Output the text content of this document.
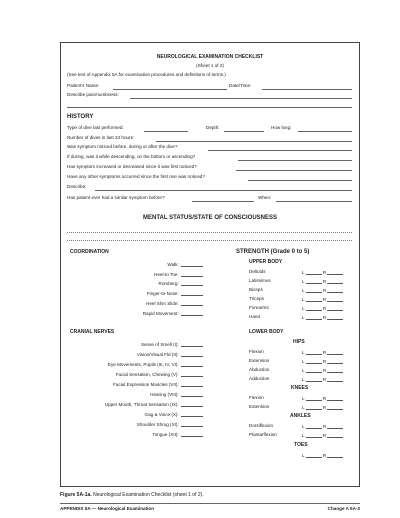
NEUROLOGICAL EXAMINATION CHECKLIST
(Sheet 1 of 2)
(See text of Appendix 5A for examination procedures and definitions of terms.)
Patient's Name:	Date/Time:
Describe pain/numbness:
HISTORY
Type of dive last performed:	Depth:	How long:
Number of dives in last 24 hours:
Was symptom noticed before, during or after the dive?
If during, was it while descending, on the bottom or ascending?
Has symptom increased or decreased since it was first noticed?
Have any other symptoms occurred since the first one was noticed?
Describe:
Has patient ever had a similar symptom before?	When:
MENTAL STATUS/STATE OF CONSCIOUSNESS
COORDINATION
Walk:
Heel-to Toe:
Romberg:
Finger-to-Nose:
Heel Shin Slide:
Rapid Movement:
CRANIAL NERVES
Sense of Smell (I):
Vision/Visual Fld (II):
Eye Movements, Pupils (III, IV, VI):
Facial Sensation, Chewing (V):
Facial Expression Muscles (VII):
Hearing (VIII):
Upper Mouth, Throat Sensation (IX):
Gag & Voice (X):
Shoulder Shrug (XI):
Tongue (XII):
STRENGTH (Grade 0 to 5)
UPPER BODY
Deltoids	L	R
Latissimus	L	R
Biceps	L	R
Triceps	L	R
Forearms	L	R
Hand	L	R
LOWER BODY
HIPS
Flexion	L	R
Extension	L	R
Abduction	L	R
Adduction	L	R
KNEES
Flexion	L	R
Extension	L	R
ANKLES
Dorsiflexion	L	R
Plantarflexion	L	R
TOES
L	R
Figure 5A-1a. Neurological Examination Checklist (sheet 1 of 2).
APPENDIX 5A — Neurological Examination	Change A 5A-3
